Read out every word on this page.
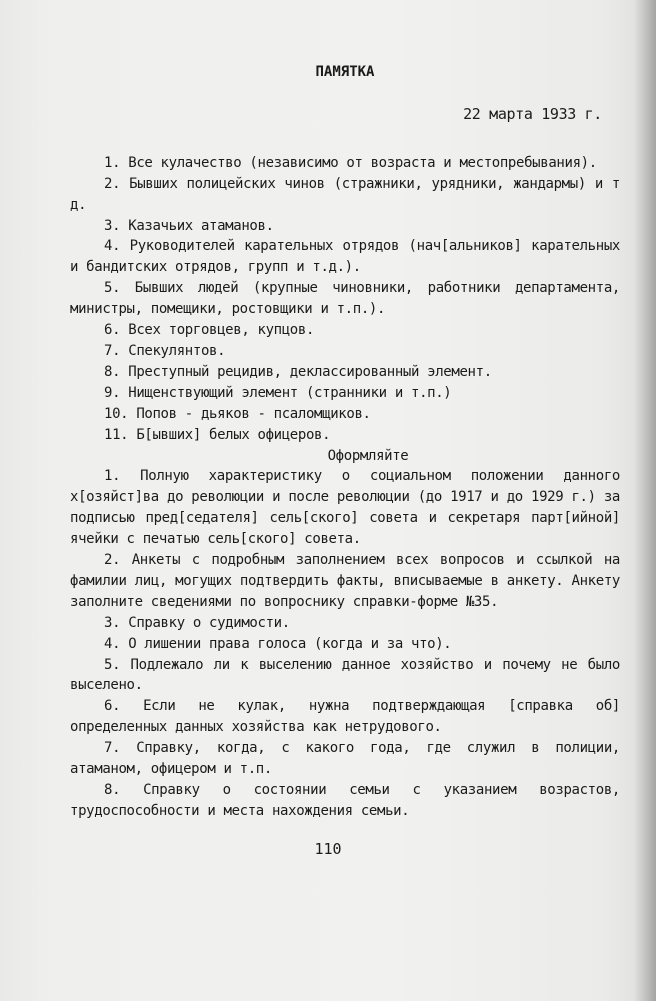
ПАМЯТКА
22 марта 1933 г.
1. Все кулачество (независимо от возраста и местопребывания).
2. Бывших полицейских чинов (стражники, урядники, жандармы) и т д.
3. Казачьих атаманов.
4. Руководителей карательных отрядов (нач[альников] карательных и бандитских отрядов, групп и т.д.).
5. Бывших людей (крупные чиновники, работники департамента, министры, помещики, ростовщики и т.п.).
6. Всех торговцев, купцов.
7. Спекулянтов.
8. Преступный рецидив, деклассированный элемент.
9. Нищенствующий элемент (странники и т.п.)
10. Попов - дьяков - псаломщиков.
11. Б[ывших] белых офицеров.
Оформляйте
1. Полную характеристику о социальном положении данного х[озяйст]ва до революции и после революции (до 1917 и до 1929 г.) за подписью пред[седателя] сель[ского] совета и секретаря парт[ийной] ячейки с печатью сель[ского] совета.
2. Анкеты с подробным заполнением всех вопросов и ссылкой на фамилии лиц, могущих подтвердить факты, вписываемые в анкету. Анкету заполните сведениями по вопроснику справки-форме №35.
3. Справку о судимости.
4. О лишении права голоса (когда и за что).
5. Подлежало ли к выселению данное хозяйство и почему не было выселено.
6. Если не кулак, нужна подтверждающая [справка об] определенных данных хозяйства как нетрудового.
7. Справку, когда, с какого года, где служил в полиции, атаманом, офицером и т.п.
8. Справку о состоянии семьи с указанием возрастов, трудоспособности и места нахождения семьи.
110
